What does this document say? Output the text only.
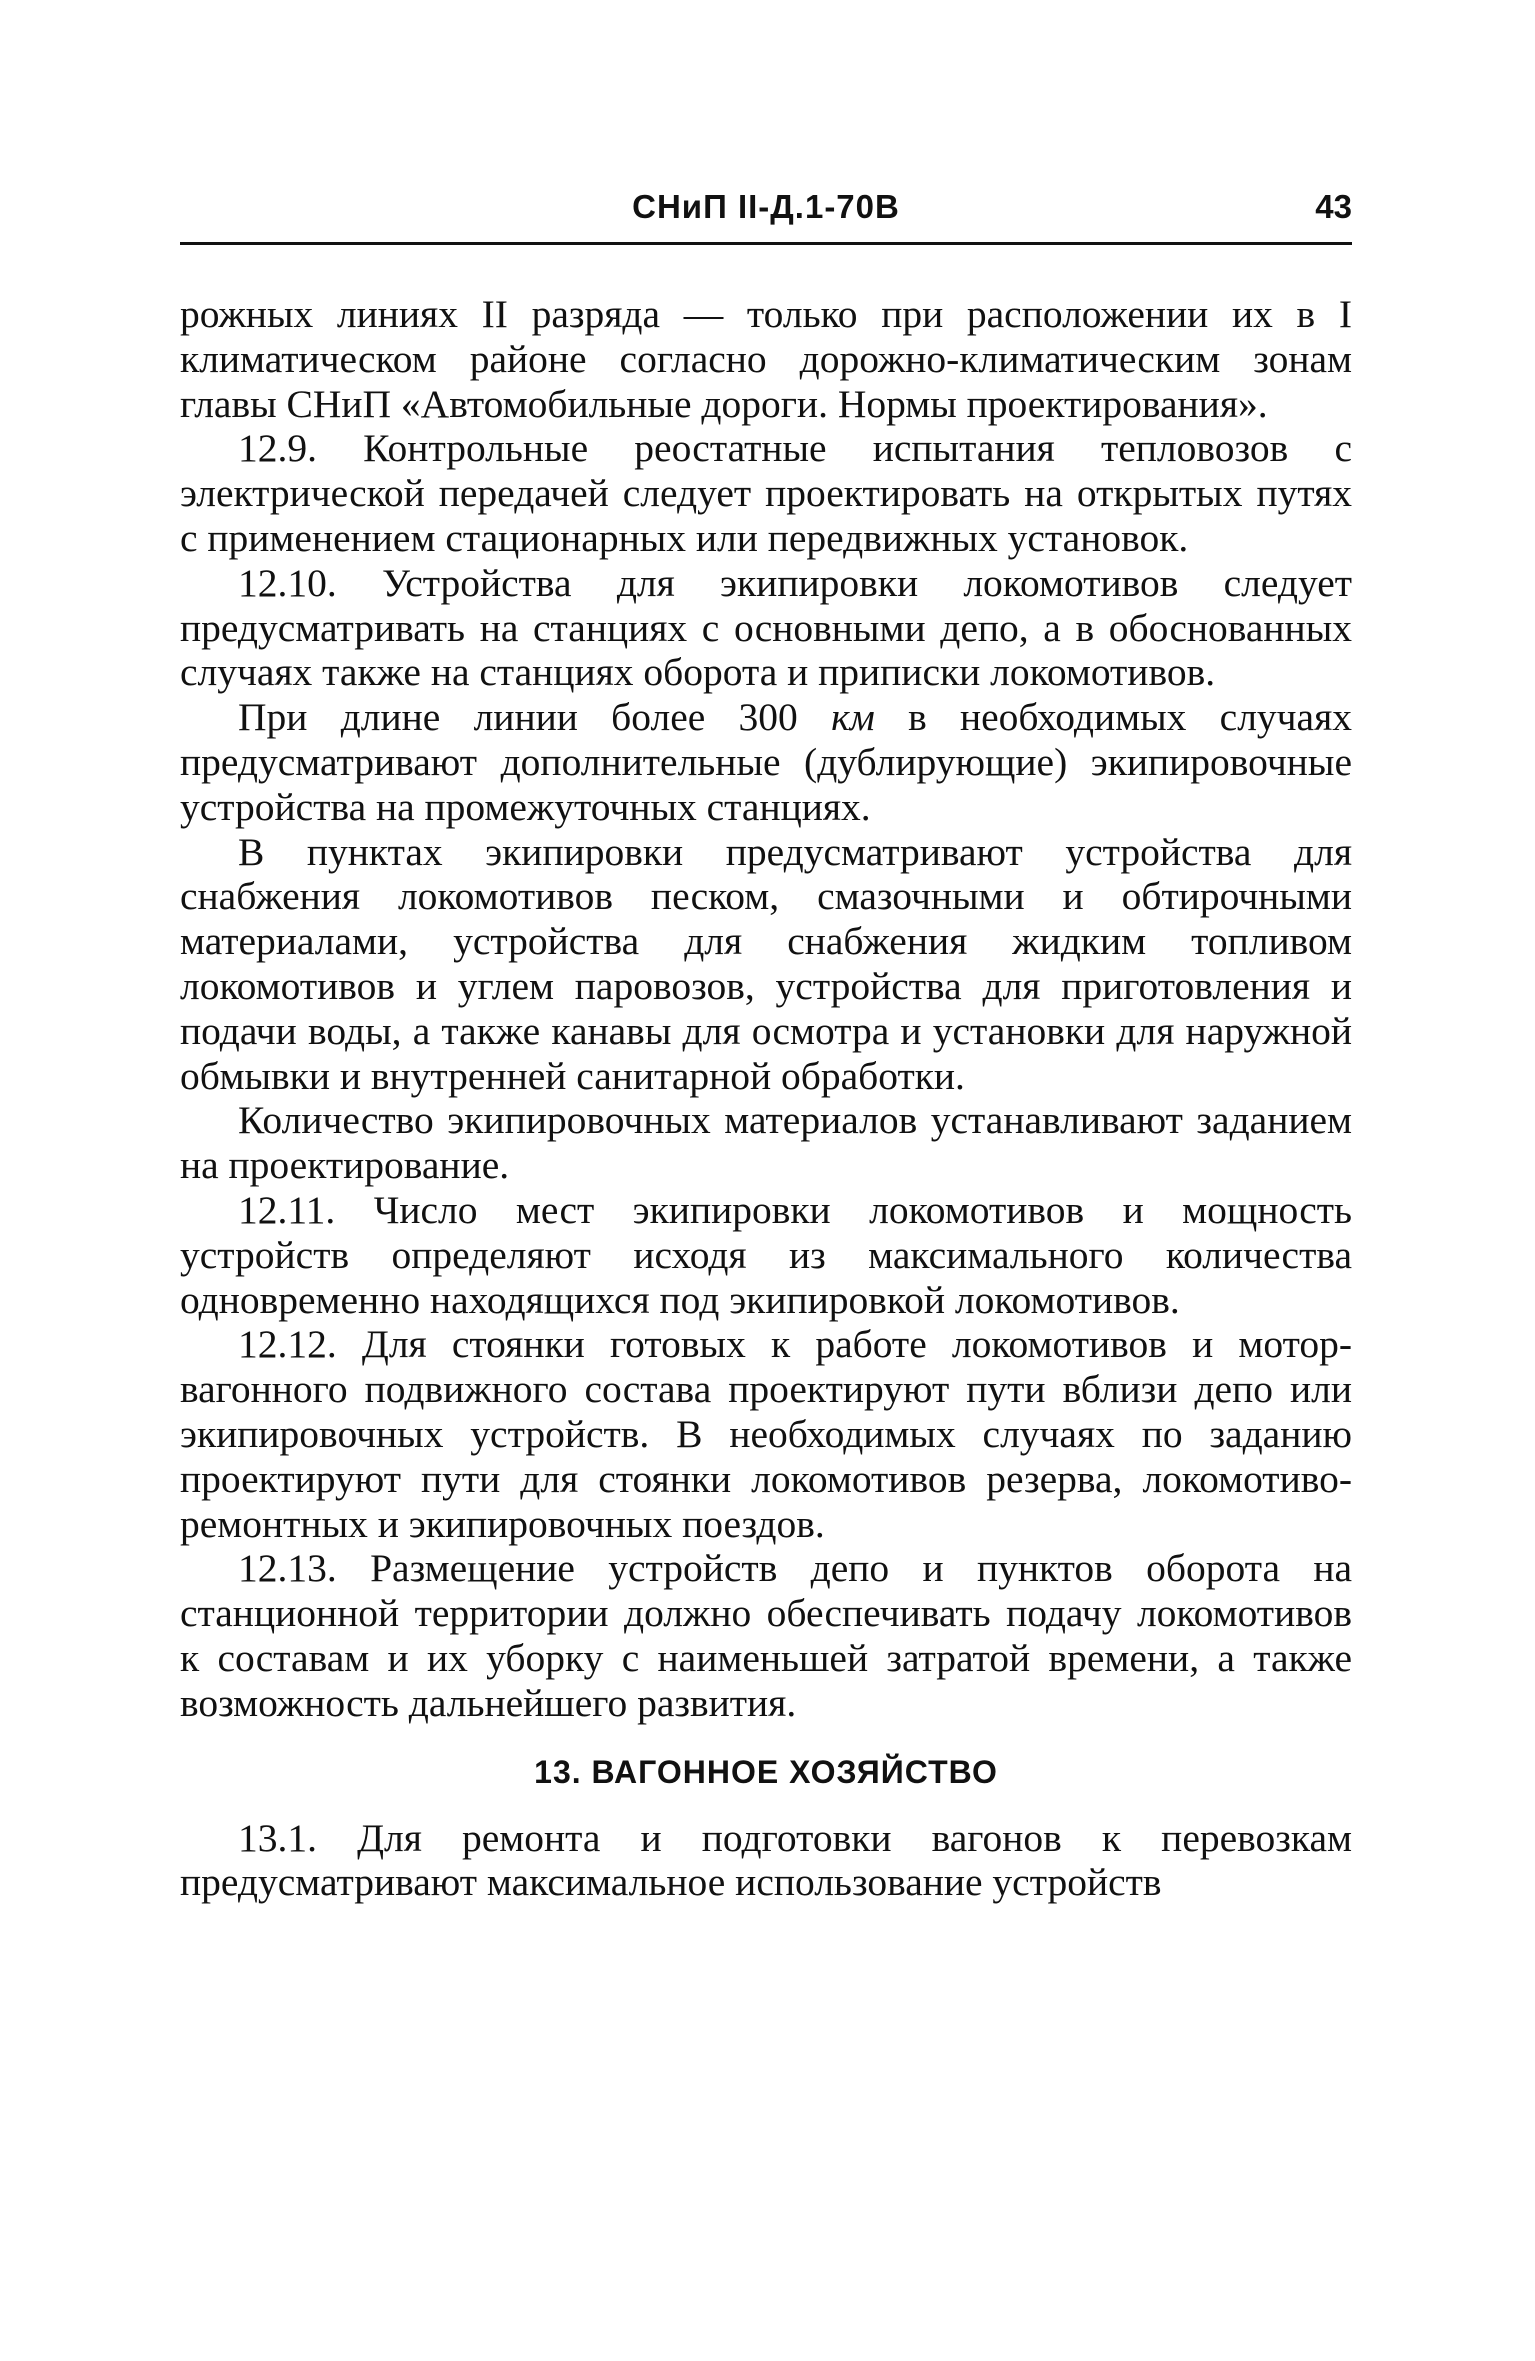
СНиП II-Д.1-70В	43

рожных линиях II разряда — только при расположении их в I климатическом районе согласно дорожно-климатическим зонам главы СНиП «Автомобильные дороги. Нормы проектирования».

12.9. Контрольные реостатные испытания тепловозов с электрической передачей следует проектировать на открытых путях с применением стационарных или передвижных установок.

12.10. Устройства для экипировки локомотивов следует предусматривать на станциях с основными депо, а в обоснованных случаях также на станциях оборота и приписки локомотивов.

При длине линии более 300 км в необходимых случаях предусматривают дополнительные (дублирующие) экипировочные устройства на промежуточных станциях.

В пунктах экипировки предусматривают устройства для снабжения локомотивов песком, смазочными и обтирочными материалами, устройства для снабжения жидким топливом локомотивов и углем паровозов, устройства для приготовления и подачи воды, а также канавы для осмотра и установки для наружной обмывки и внутренней санитарной обработки.

Количество экипировочных материалов устанавливают заданием на проектирование.

12.11. Число мест экипировки локомотивов и мощность устройств определяют исходя из максимального количества одновременно находящихся под экипировкой локомотивов.

12.12. Для стоянки готовых к работе локомотивов и мотор-вагонного подвижного состава проектируют пути вблизи депо или экипировочных устройств. В необходимых случаях по заданию проектируют пути для стоянки локомотивов резерва, локомотиво-ремонтных и экипировочных поездов.

12.13. Размещение устройств депо и пунктов оборота на станционной территории должно обеспечивать подачу локомотивов к составам и их уборку с наименьшей затратой времени, а также возможность дальнейшего развития.

13. ВАГОННОЕ ХОЗЯЙСТВО

13.1. Для ремонта и подготовки вагонов к перевозкам предусматривают максимальное использование устройств
